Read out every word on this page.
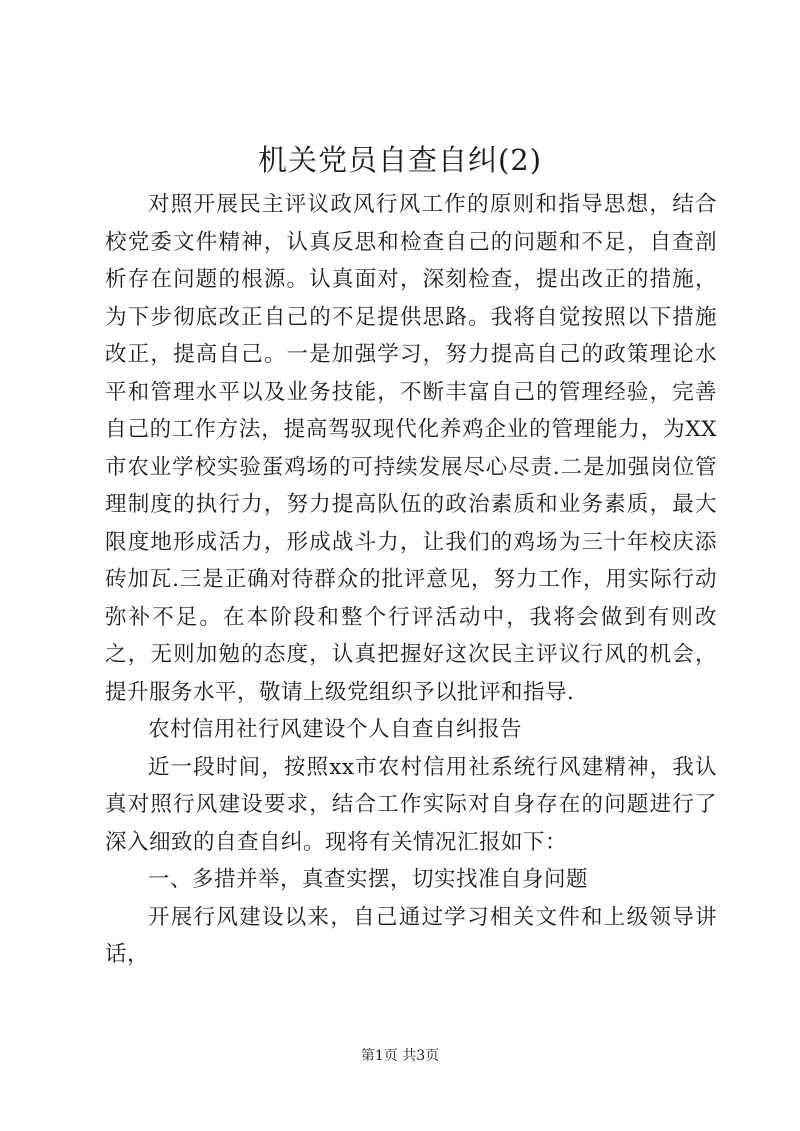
机关党员自查自纠(2)

对照开展民主评议政风行风工作的原则和指导思想，结合校党委文件精神，认真反思和检查自己的问题和不足，自查剖析存在问题的根源。认真面对，深刻检查，提出改正的措施，为下步彻底改正自己的不足提供思路。我将自觉按照以下措施改正，提高自己。一是加强学习，努力提高自己的政策理论水平和管理水平以及业务技能，不断丰富自己的管理经验，完善自己的工作方法，提高驾驭现代化养鸡企业的管理能力，为XX市农业学校实验蛋鸡场的可持续发展尽心尽责.二是加强岗位管理制度的执行力，努力提高队伍的政治素质和业务素质，最大限度地形成活力，形成战斗力，让我们的鸡场为三十年校庆添砖加瓦.三是正确对待群众的批评意见，努力工作，用实际行动弥补不足。在本阶段和整个行评活动中，我将会做到有则改之，无则加勉的态度，认真把握好这次民主评议行风的机会，提升服务水平，敬请上级党组织予以批评和指导.

农村信用社行风建设个人自查自纠报告

近一段时间，按照xx市农村信用社系统行风建精神，我认真对照行风建设要求，结合工作实际对自身存在的问题进行了深入细致的自查自纠。现将有关情况汇报如下：

一、多措并举，真查实摆，切实找准自身问题

开展行风建设以来，自己通过学习相关文件和上级领导讲话，

第1页 共3页
